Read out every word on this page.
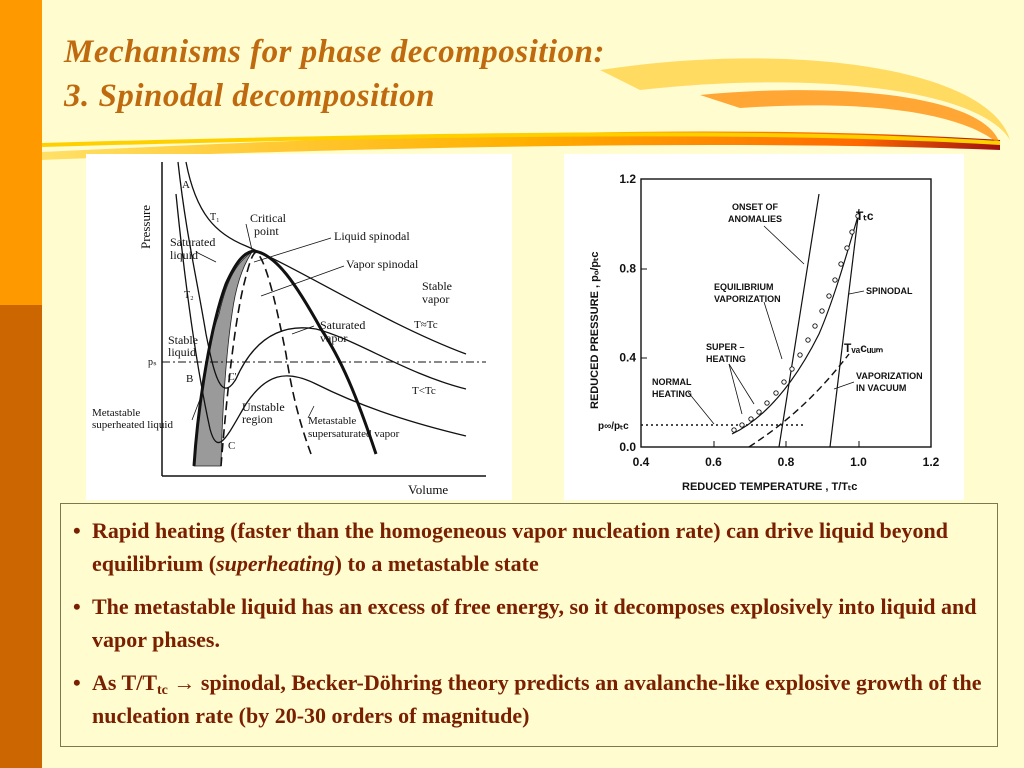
Mechanisms for phase decomposition:
3. Spinodal decomposition
Pressure
Volume
A
T₁	Critical
point
Saturated
liquid
Liquid spinodal
Vapor spinodal
T₂
Stable
vapor
T≈Tc
Stable
liquid
Saturated
vapor
pₛ
C'
B
T<Tc
Unstable
region
Metastable
superheated liquid	Metastable
supersaturated vapor
C
REDUCED PRESSURE , pₒ/pₜc
REDUCED TEMPERATURE , T/Tₜc
0.4	0.6	0.8	1.0	1.2
0.0
0.4
0.8
1.2
p∞/pₜc
ONSET OF
ANOMALIES	Tₜc
EQUILIBRIUM
VAPORIZATION
SPINODAL
SUPER –
HEATING
Tᵥₐcᵤᵤₘ
NORMAL
HEATING
VAPORIZATION
IN VACUUM

• Rapid heating (faster than the homogeneous vapor nucleation rate) can drive liquid beyond equilibrium (superheating) to a metastable state

• The metastable liquid has an excess of free energy, so it decomposes explosively into liquid and vapor phases.

• As $T/T_{tc}$ → spinodal, Becker-Döhring theory predicts an avalanche-like explosive growth of the nucleation rate (by 20-30 orders of magnitude)
